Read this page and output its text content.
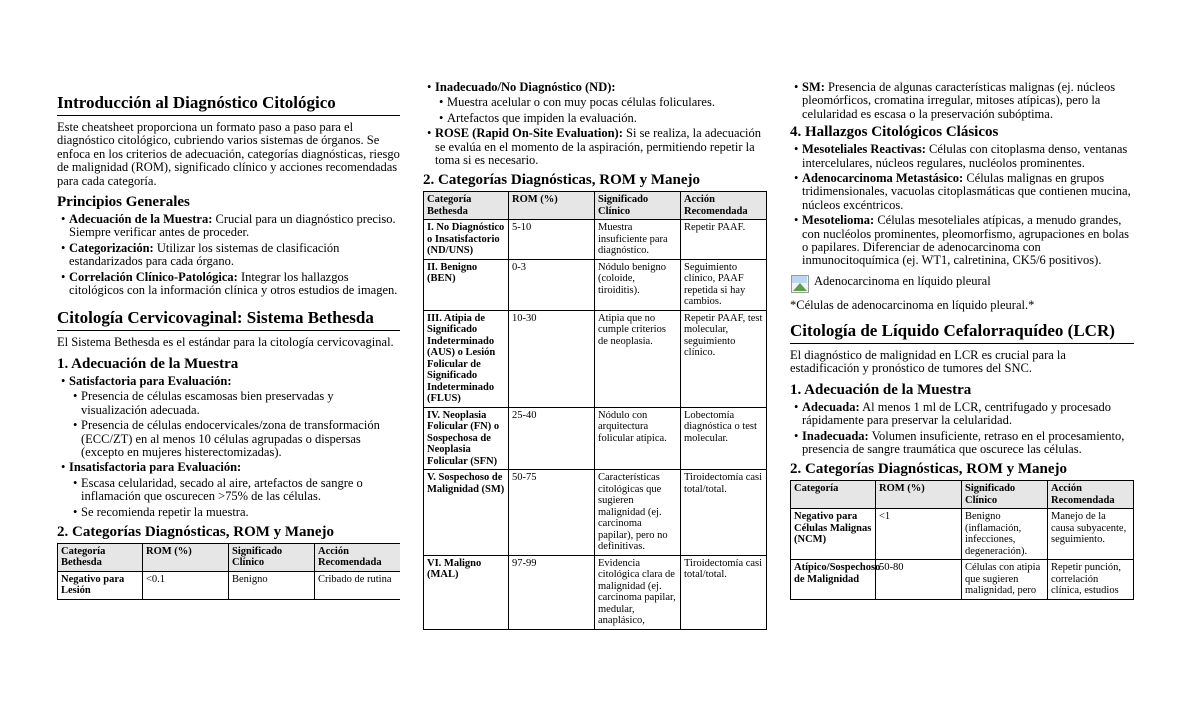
Introducción al Diagnóstico Citológico

Este cheatsheet proporciona un formato paso a paso para el diagnóstico citológico, cubriendo varios sistemas de órganos. Se enfoca en los criterios de adecuación, categorías diagnósticas, riesgo de malignidad (ROM), significado clínico y acciones recomendadas para cada categoría.

Principios Generales
• Adecuación de la Muestra: Crucial para un diagnóstico preciso. Siempre verificar antes de proceder.
• Categorización: Utilizar los sistemas de clasificación estandarizados para cada órgano.
• Correlación Clínico-Patológica: Integrar los hallazgos citológicos con la información clínica y otros estudios de imagen.
Citología Cervicovaginal: Sistema Bethesda

El Sistema Bethesda es el estándar para la citología cervicovaginal.

1. Adecuación de la Muestra
• Satisfactoria para Evaluación:
• Presencia de células escamosas bien preservadas y visualización adecuada.
• Presencia de células endocervicales/zona de transformación (ECC/ZT) en al menos 10 células agrupadas o dispersas (excepto en mujeres histerectomizadas).
• Insatisfactoria para Evaluación:
• Escasa celularidad, secado al aire, artefactos de sangre o inflamación que oscurecen >75% de las células.
• Se recomienda repetir la muestra.
2. Categorías Diagnósticas, ROM y Manejo
Categoría Bethesda	ROM (%)	Significado Clínico	Acción Recomendada
Negativo para Lesión	<0.1	Benigno	Cribado de rutina
• Inadecuado/No Diagnóstico (ND):
• Muestra acelular o con muy pocas células foliculares.
• Artefactos que impiden la evaluación.
• ROSE (Rapid On-Site Evaluation): Si se realiza, la adecuación se evalúa en el momento de la aspiración, permitiendo repetir la toma si es necesario.
2. Categorías Diagnósticas, ROM y Manejo
Categoría Bethesda	ROM (%)	Significado Clínico	Acción Recomendada
I. No Diagnóstico o Insatisfactorio (ND/UNS)	5-10	Muestra insuficiente para diagnóstico.	Repetir PAAF.
II. Benigno (BEN)	0-3	Nódulo benigno (coloide, tiroiditis).	Seguimiento clínico, PAAF repetida si hay cambios.
III. Atipia de Significado Indeterminado (AUS) o Lesión Folicular de Significado Indeterminado (FLUS)	10-30	Atipia que no cumple criterios de neoplasia.	Repetir PAAF, test molecular, seguimiento clínico.
IV. Neoplasia Folicular (FN) o Sospechosa de Neoplasia Folicular (SFN)	25-40	Nódulo con arquitectura folicular atípica.	Lobectomía diagnóstica o test molecular.
V. Sospechoso de Malignidad (SM)	50-75	Características citológicas que sugieren malignidad (ej. carcinoma papilar), pero no definitivas.	Tiroidectomía casi total/total.
VI. Maligno (MAL)	97-99	Evidencia citológica clara de malignidad (ej. carcinoma papilar, medular, anaplásico,	Tiroidectomía casi total/total.
• SM: Presencia de algunas características malignas (ej. núcleos pleomórficos, cromatina irregular, mitoses atípicas), pero la celularidad es escasa o la preservación subóptima.
4. Hallazgos Citológicos Clásicos
• Mesoteliales Reactivas: Células con citoplasma denso, ventanas intercelulares, núcleos regulares, nucléolos prominentes.
• Adenocarcinoma Metastásico: Células malignas en grupos tridimensionales, vacuolas citoplasmáticas que contienen mucina, núcleos excéntricos.
• Mesotelioma: Células mesoteliales atípicas, a menudo grandes, con nucléolos prominentes, pleomorfismo, agrupaciones en bolas o papilares. Diferenciar de adenocarcinoma con inmunocitoquímica (ej. WT1, calretinina, CK5/6 positivos).
Adenocarcinoma en líquido pleural

*Células de adenocarcinoma en líquido pleural.*

Citología de Líquido Cefalorraquídeo (LCR)

El diagnóstico de malignidad en LCR es crucial para la estadificación y pronóstico de tumores del SNC.

1. Adecuación de la Muestra
• Adecuada: Al menos 1 ml de LCR, centrifugado y procesado rápidamente para preservar la celularidad.
• Inadecuada: Volumen insuficiente, retraso en el procesamiento, presencia de sangre traumática que oscurece las células.
2. Categorías Diagnósticas, ROM y Manejo
Categoría	ROM (%)	Significado Clínico	Acción Recomendada
Negativo para Células Malignas (NCM)	<1	Benigno (inflamación, infecciones, degeneración).	Manejo de la causa subyacente, seguimiento.
Atípico/Sospechoso de Malignidad	50-80	Células con atipia que sugieren malignidad, pero	Repetir punción, correlación clínica, estudios
